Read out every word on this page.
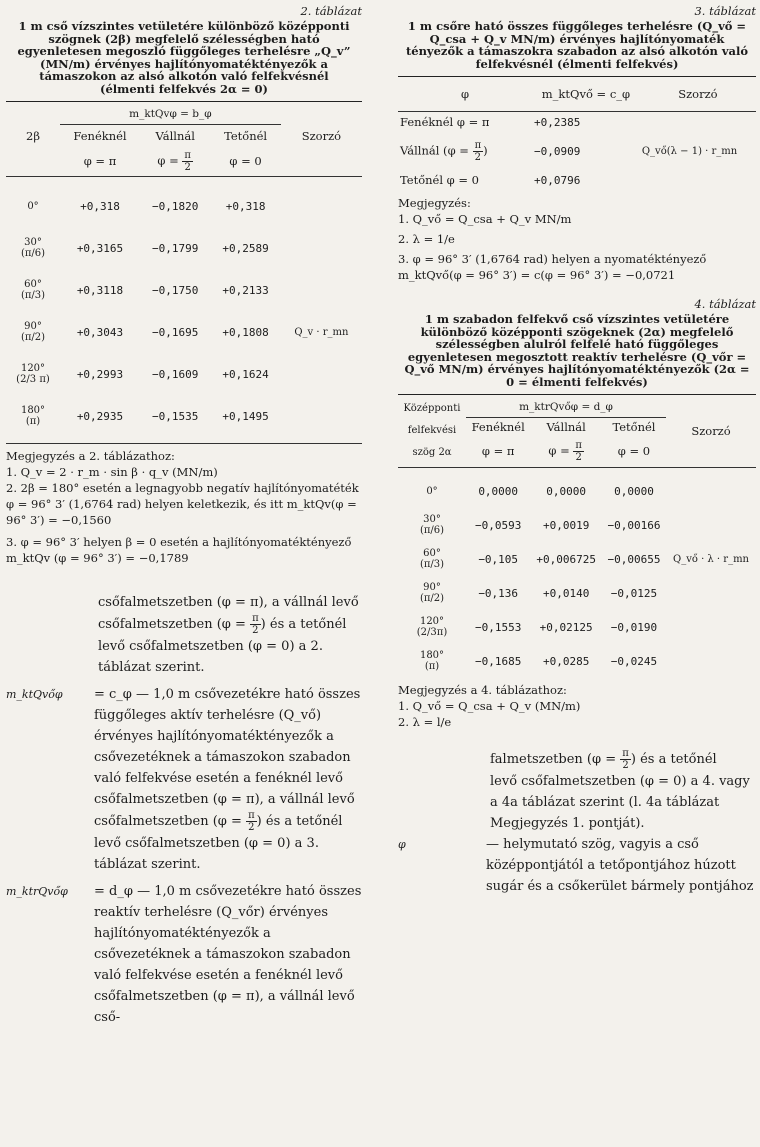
2. táblázat
1 m cső vízszintes vetületére különböző középponti szögnek (2β) megfelelő szélességben ható egyenletesen megoszló függőleges terhelésre „Q_v” (MN/m) érvényes hajlítónyomatéktényezők a támaszokon az alsó alkotón való felfekvésnél (élmenti felfekvés 2α = 0)
	m_ktQvφ = b_φ			
2β	Fenéknél	Vállnál	Tetőnél	Szorzó
	φ = π	$\varphi = \frac{\pi}{2}$	φ = 0	

0°	+0,318	−0,1820	+0,318	

30°
(π/6)	+0,3165	−0,1799	+0,2589	

60°
(π/3)	+0,3118	−0,1750	+0,2133	

90°
(π/2)	+0,3043	−0,1695	+0,1808	Q_v · r_mn

120°
(2/3 π)	+0,2993	−0,1609	+0,1624	

180°
(π)	+0,2935	−0,1535	+0,1495	
Megjegyzés a 2. táblázathoz:
1. Q_v = 2 · r_m · sin β · q_v (MN/m)
2. 2β = 180° esetén a legnagyobb negatív hajlítónyomatéték φ = 96° 3′ (1,6764 rad) helyen keletkezik, és itt m_ktQv(φ = 96° 3′) = −0,1560
3. φ = 96° 3′ helyen β = 0 esetén a hajlítónyomatéktényező m_ktQv (φ = 96° 3′) = −0,1789
csőfalmetszetben (φ = π), a vállnál levő
csőfalmetszetben ($\varphi = \frac{\pi}{2}$ ) és a tetőnél
levő csőfalmetszetben (φ = 0) a 2. táblázat szerint.
m_ktQvőφ	= c_φ — 1,0 m csővezetékre ható összes függőleges aktív terhelésre (Q_vő) érvényes hajlítónyomatéktényezők a csővezetéknek a támaszokon szabadon való felfekvése esetén a fenéknél levő csőfalmetszetben (φ = π), a vállnál levő csőfalmetszetben ($\varphi = \frac{\pi}{2}$ ) és a tetőnél levő csőfalmetszetben (φ = 0) a 3. táblázat szerint.
m_ktrQvőφ	= d_φ — 1,0 m csővezetékre ható összes reaktív terhelésre (Q_vőr) érvényes hajlítónyomatéktényezők a csővezetéknek a támaszokon szabadon való felfekvése esetén a fenéknél levő csőfalmetszetben (φ = π), a vállnál levő cső-
3. táblázat
1 m csőre ható összes függőleges terhelésre (Q_vő = Q_csa + Q_v MN/m) érvényes hajlítónyomaték tényezők a támaszokra szabadon az alsó alkotón való felfekvésnél (élmenti felfekvés)
φ	m_ktQvő = c_φ	Szorzó
Fenéknél φ = π	+0,2385	
Vállnál ($\varphi = \frac{\pi}{2}$ )	−0,0909	Q_vő(λ − 1) · r_mn
Tetőnél φ = 0	+0,0796	
Megjegyzés:
1. Q_vő = Q_csa + Q_v MN/m
2. λ = 1/e
3. φ = 96° 3′ (1,6764 rad) helyen a nyomatéktényező m_ktQvő(φ = 96° 3′) = c(φ = 96° 3′) = −0,0721
4. táblázat
1 m szabadon felfekvő cső vízszintes vetületére különböző középponti szögeknek (2α) megfelelő szélességben alulról felfelé ható függőleges egyenletesen megosztott reaktív terhelésre (Q_vőr = Q_vő MN/m) érvényes hajlítónyomatéktényezők (2α = 0 = élmenti felfekvés)
Középponti felfekvési szög 2α	m_ktrQvőφ = d_φ			Szorzó
	Fenéknél	Vállnál	Tetőnél	
	φ = π	$\varphi = \frac{\pi}{2}$	φ = 0	

0°	0,0000	0,0000	0,0000	

30°
(π/6)	−0,0593	+0,0019	−0,00166	

60°
(π/3)	−0,105	+0,006725	−0,00655	Q_vő · λ · r_mn

90°
(π/2)	−0,136	+0,0140	−0,0125	

120°
(2/3π)	−0,1553	+0,02125	−0,0190	

180°
(π)	−0,1685	+0,0285	−0,0245	
Megjegyzés a 4. táblázathoz:
1. Q_vő = Q_csa + Q_v (MN/m)
2. λ = l/e
falmetszetben ($\varphi = \frac{\pi}{2}$ ) és a tetőnél
levő csőfalmetszetben (φ = 0) a 4. vagy a 4a táblázat szerint (l. 4a táblázat Megjegyzés 1. pontját).
φ	— helymutató szög, vagyis a cső középpontjától a tetőpontjához húzott sugár és a csőkerület bármely pontjához
